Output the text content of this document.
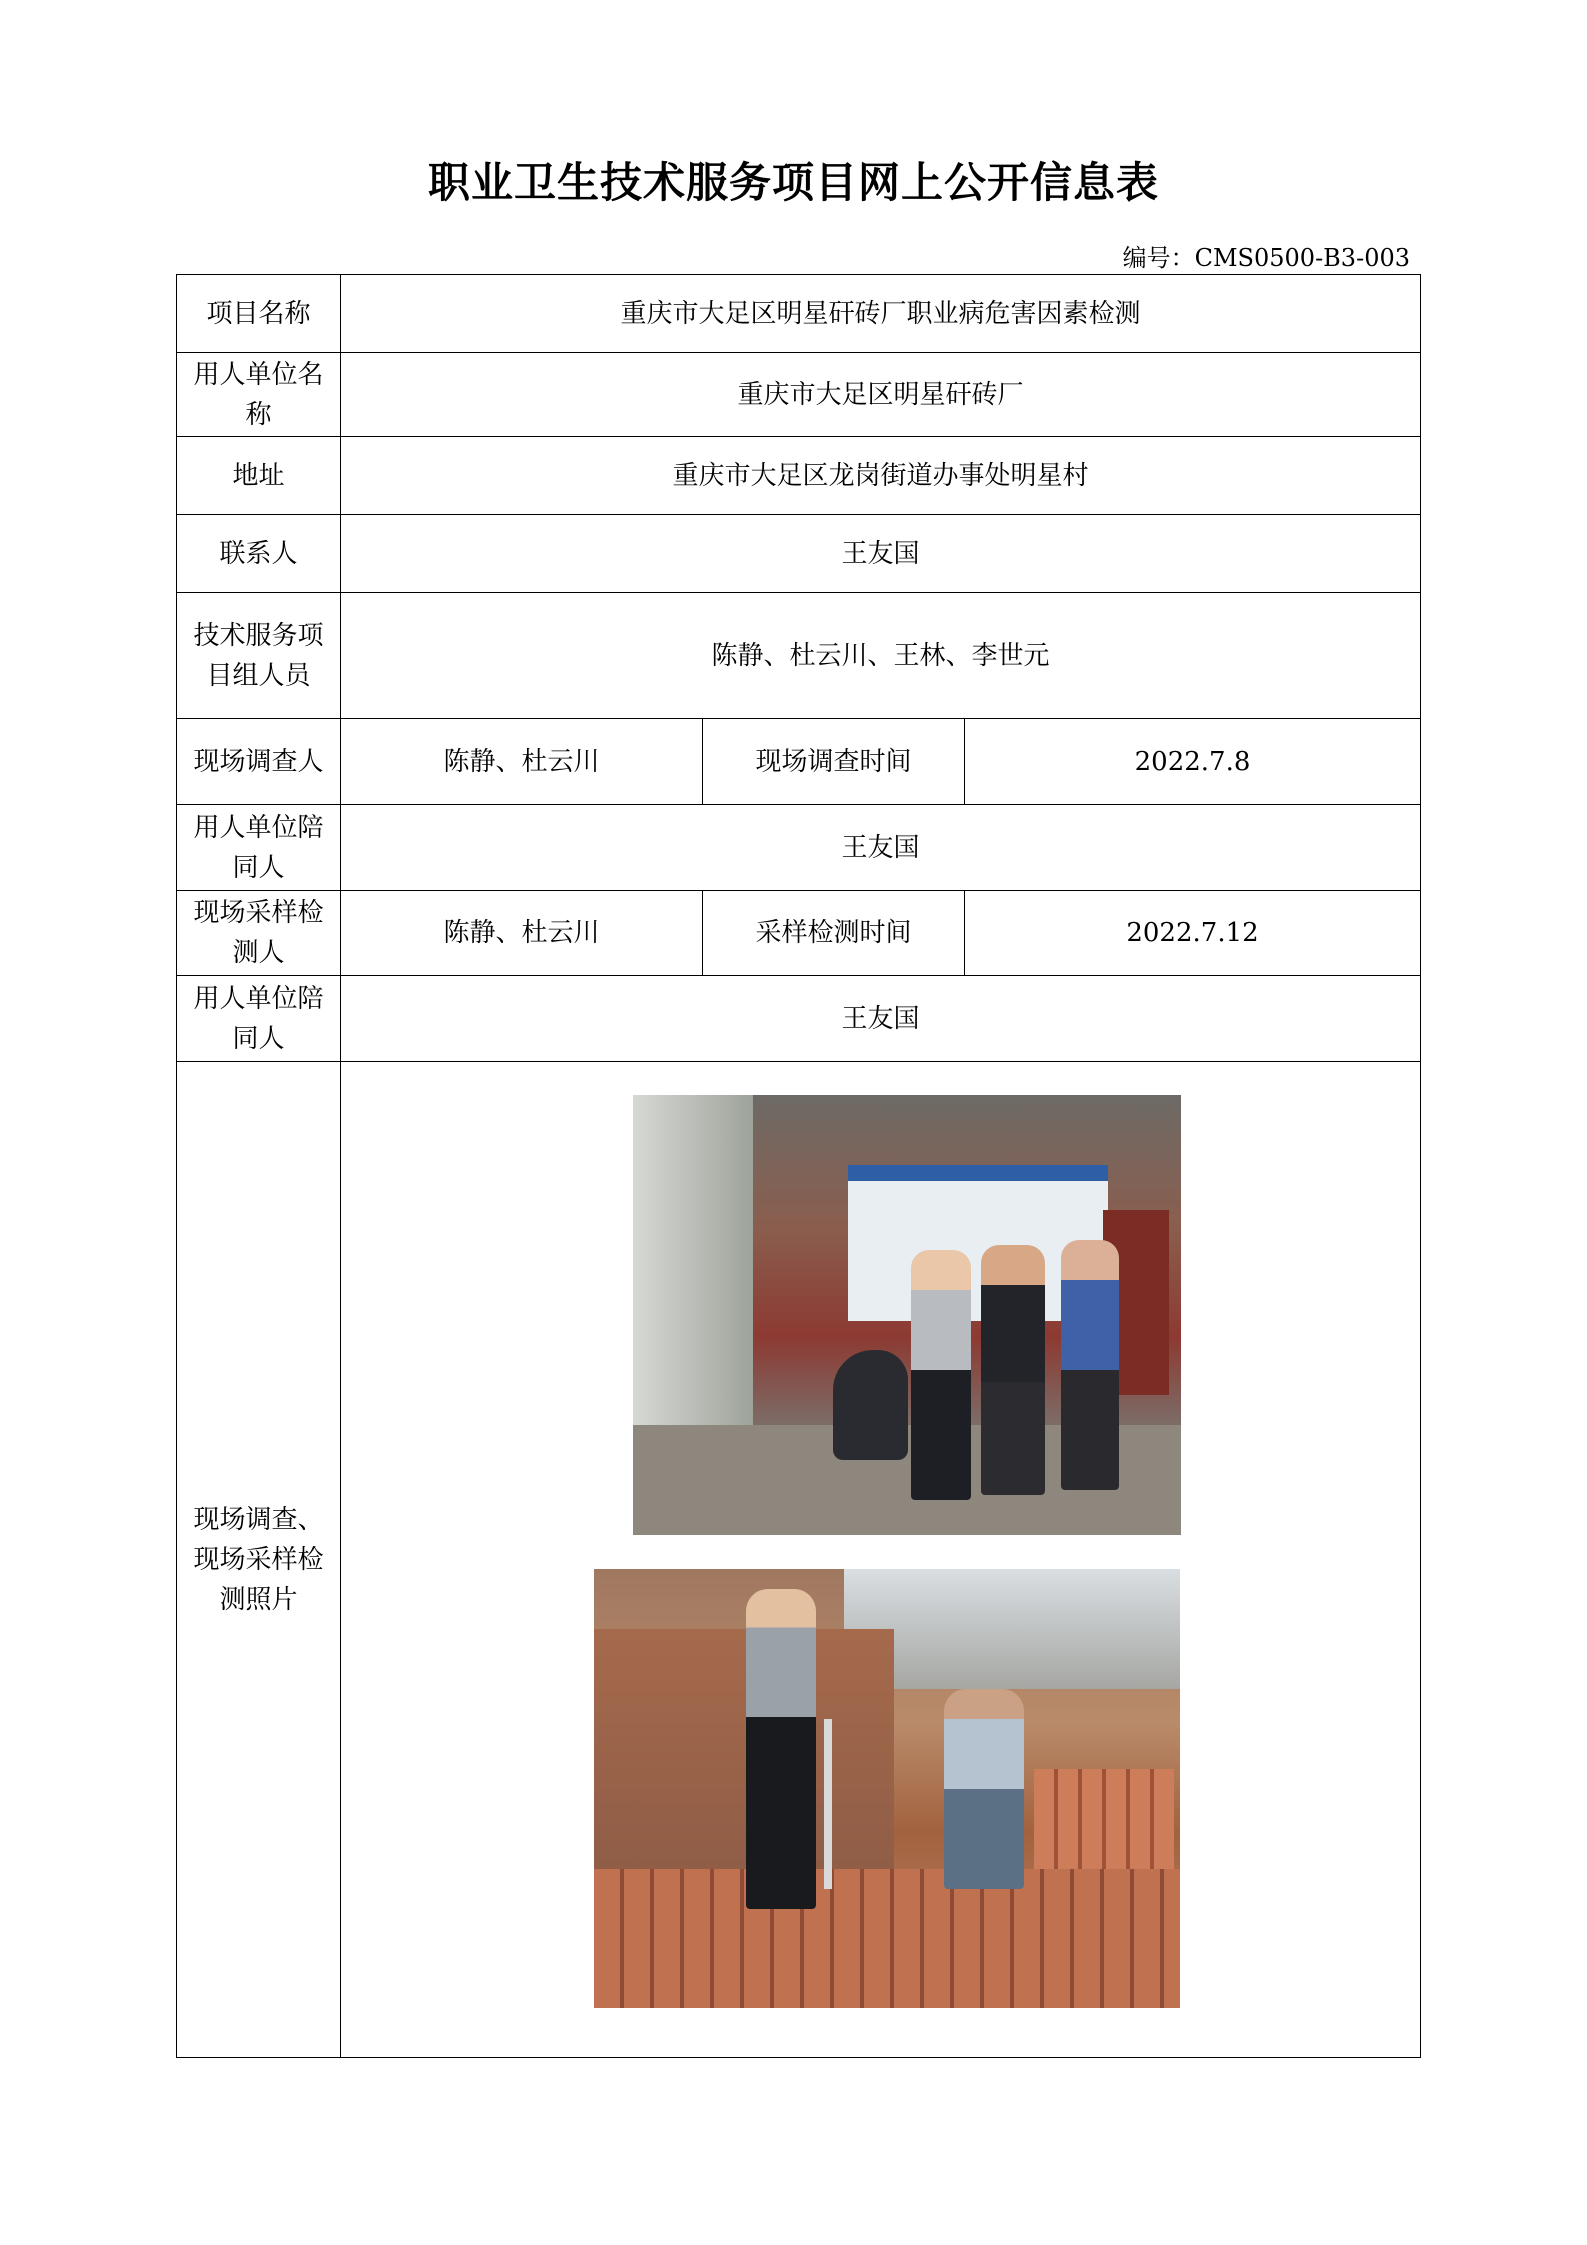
职业卫生技术服务项目网上公开信息表
编号：CMS0500-B3-003
项目名称	重庆市大足区明星矸砖厂职业病危害因素检测		
用人单位名称	重庆市大足区明星矸砖厂		
地址	重庆市大足区龙岗街道办事处明星村		
联系人	王友国		
技术服务项目组人员	陈静、杜云川、王林、李世元		
现场调查人	陈静、杜云川	现场调查时间	2022.7.8
用人单位陪同人	王友国		
现场采样检测人	陈静、杜云川	采样检测时间	2022.7.12
用人单位陪同人	王友国		
现场调查、现场采样检测照片			
